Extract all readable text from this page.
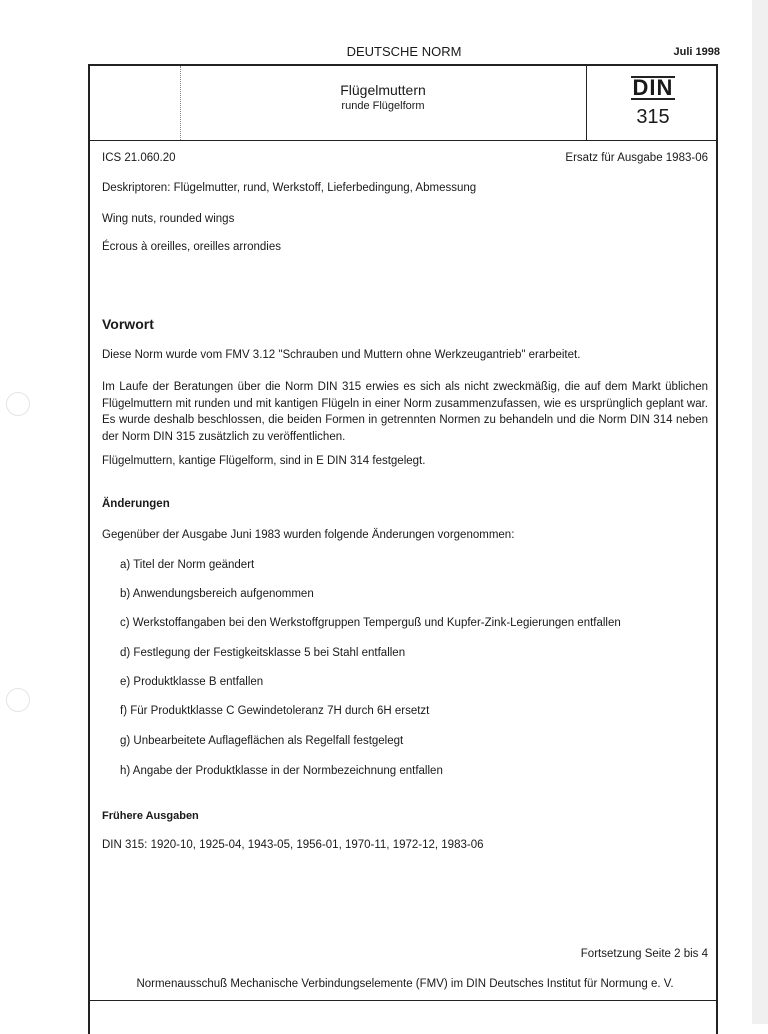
DEUTSCHE NORM	Juli 1998
Flügelmuttern
runde Flügelform
DIN
315
ICS 21.060.20	Ersatz für Ausgabe 1983-06
Deskriptoren: Flügelmutter, rund, Werkstoff, Lieferbedingung, Abmessung
Wing nuts, rounded wings
Écrous à oreilles, oreilles arrondies
Vorwort
Diese Norm wurde vom FMV 3.12 "Schrauben und Muttern ohne Werkzeugantrieb" erarbeitet.
Im Laufe der Beratungen über die Norm DIN 315 erwies es sich als nicht zweckmäßig, die auf dem Markt üblichen Flügelmuttern mit runden und mit kantigen Flügeln in einer Norm zusammenzufassen, wie es ursprünglich geplant war. Es wurde deshalb beschlossen, die beiden Formen in getrennten Normen zu behandeln und die Norm DIN 314 neben der Norm DIN 315 zusätzlich zu veröffentlichen.
Flügelmuttern, kantige Flügelform, sind in E DIN 314 festgelegt.
Änderungen
Gegenüber der Ausgabe Juni 1983 wurden folgende Änderungen vorgenommen:
a) Titel der Norm geändert
b) Anwendungsbereich aufgenommen
c) Werkstoffangaben bei den Werkstoffgruppen Temperguß und Kupfer-Zink-Legierungen entfallen
d) Festlegung der Festigkeitsklasse 5 bei Stahl entfallen
e) Produktklasse B entfallen
f) Für Produktklasse C Gewindetoleranz 7H durch 6H ersetzt
g) Unbearbeitete Auflageflächen als Regelfall festgelegt
h) Angabe der Produktklasse in der Normbezeichnung entfallen
Frühere Ausgaben
DIN 315: 1920-10, 1925-04, 1943-05, 1956-01, 1970-11, 1972-12, 1983-06
Fortsetzung Seite 2 bis 4
Normenausschuß Mechanische Verbindungselemente (FMV) im DIN Deutsches Institut für Normung e. V.
